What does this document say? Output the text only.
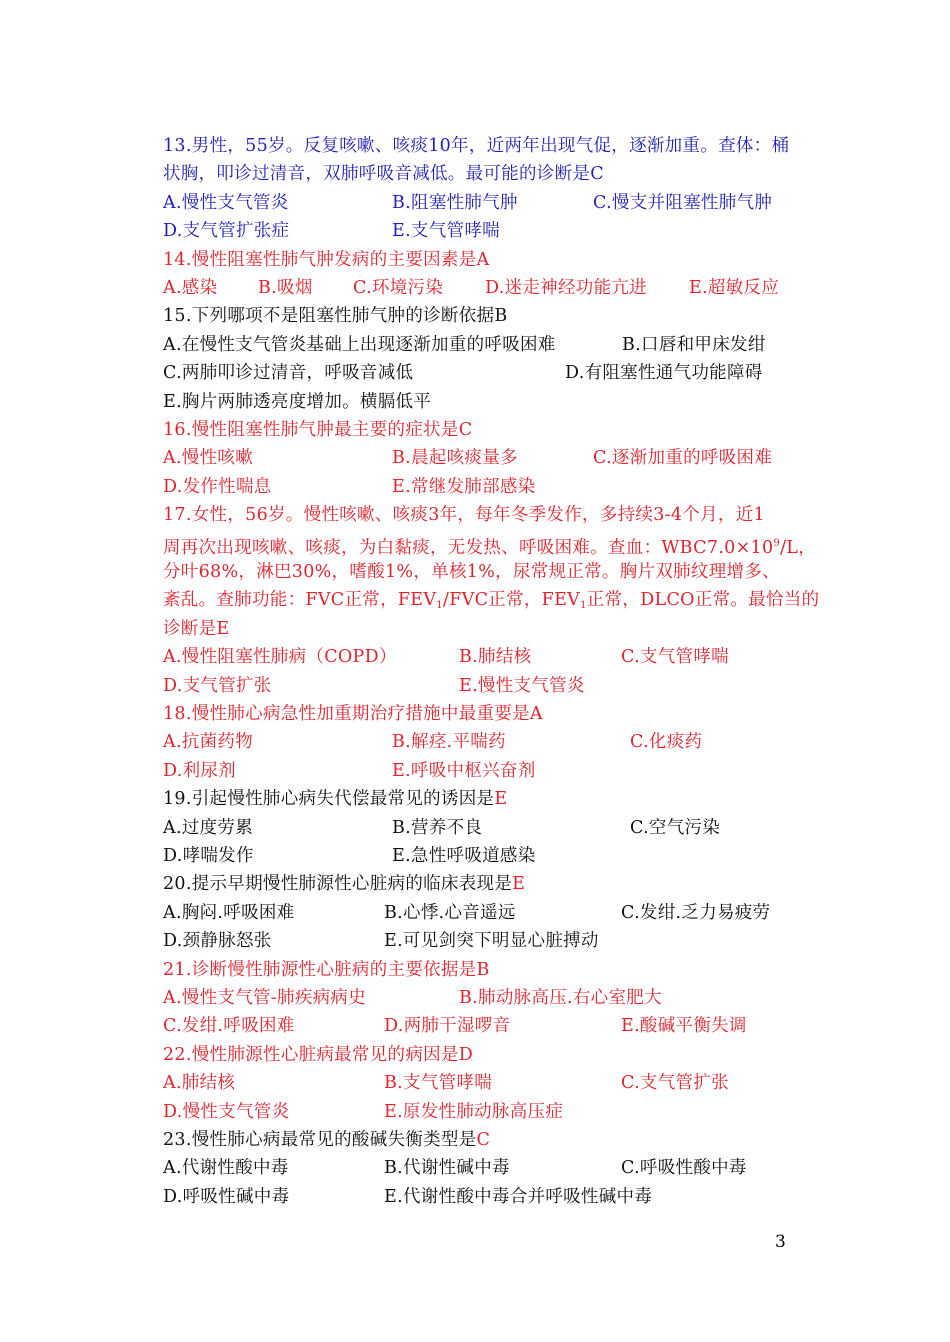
13.男性，55岁。反复咳嗽、咳痰10年，近两年出现气促，逐渐加重。查体：桶
状胸，叩诊过清音，双肺呼吸音减低。最可能的诊断是C
A.慢性支气管炎	B.阻塞性肺气肿	C.慢支并阻塞性肺气肿
D.支气管扩张症	E.支气管哮喘
14.慢性阻塞性肺气肿发病的主要因素是A
A.感染 B.吸烟 C.环境污染 D.迷走神经功能亢进 E.超敏反应
15.下列哪项不是阻塞性肺气肿的诊断依据B
A.在慢性支气管炎基础上出现逐渐加重的呼吸困难	B.口唇和甲床发绀
C.两肺叩诊过清音，呼吸音减低	D.有阻塞性通气功能障碍
E.胸片两肺透亮度增加。横膈低平
16.慢性阻塞性肺气肿最主要的症状是C
A.慢性咳嗽	B.晨起咳痰量多	C.逐渐加重的呼吸困难
D.发作性喘息	E.常继发肺部感染
17.女性，56岁。慢性咳嗽、咳痰3年，每年冬季发作，多持续3-4个月，近1
周再次出现咳嗽、咳痰，为白黏痰，无发热、呼吸困难。查血：$WBC7.0\times 10^9/L$，
分叶68%，淋巴30%，嗜酸1%，单核1%，尿常规正常。胸片双肺纹理增多、
紊乱。查肺功能：FVC正常，$FEV_1$/FVC正常，$FEV_1$正常，DLCO正常。最恰当的
诊断是E
A.慢性阻塞性肺病（COPD）	B.肺结核	C.支气管哮喘
D.支气管扩张	E.慢性支气管炎
18.慢性肺心病急性加重期治疗措施中最重要是A
A.抗菌药物	B.解痉.平喘药	C.化痰药
D.利尿剂	E.呼吸中枢兴奋剂
19.引起慢性肺心病失代偿最常见的诱因是E
A.过度劳累	B.营养不良	C.空气污染
D.哮喘发作	E.急性呼吸道感染
20.提示早期慢性肺源性心脏病的临床表现是E
A.胸闷.呼吸困难	B.心悸.心音遥远	C.发绀.乏力易疲劳
D.颈静脉怒张	E.可见剑突下明显心脏搏动
21.诊断慢性肺源性心脏病的主要依据是B
A.慢性支气管-肺疾病病史	B.肺动脉高压.右心室肥大
C.发绀.呼吸困难	D.两肺干湿啰音	E.酸碱平衡失调
22.慢性肺源性心脏病最常见的病因是D
A.肺结核	B.支气管哮喘	C.支气管扩张
D.慢性支气管炎	E.原发性肺动脉高压症
23.慢性肺心病最常见的酸碱失衡类型是C
A.代谢性酸中毒	B.代谢性碱中毒	C.呼吸性酸中毒
D.呼吸性碱中毒	E.代谢性酸中毒合并呼吸性碱中毒
3
